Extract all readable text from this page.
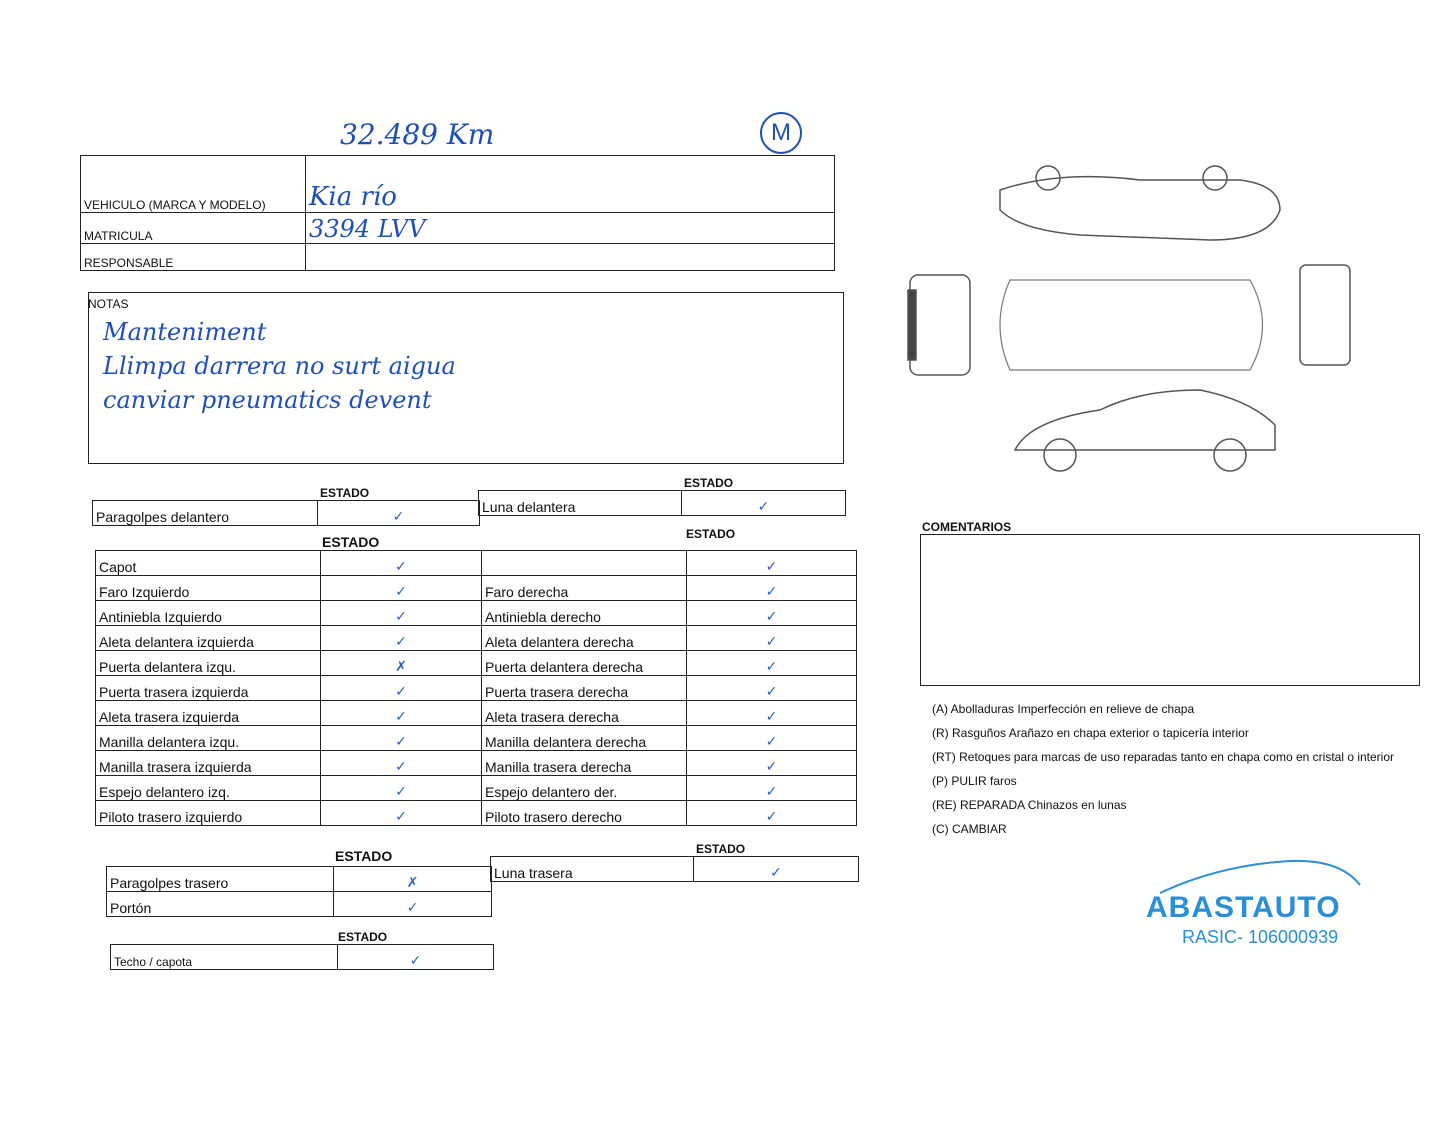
32.489 Km	M
VEHICULO (MARCA Y MODELO)	Kia río
MATRICULA	3394 LVV
RESPONSABLE	
NOTAS
Manteniment
Llimpa darrera no surt aigua
canviar pneumatics devent
ESTADO
Paragolpes delantero	✓
ESTADO
Luna delantera	✓
ESTADO	ESTADO
Capot	✓		✓
Faro Izquierdo	✓	Faro derecha	✓
Antiniebla Izquierdo	✓	Antiniebla derecho	✓
Aleta delantera izquierda	✓	Aleta delantera derecha	✓
Puerta delantera izqu.	✗	Puerta delantera derecha	✓
Puerta trasera izquierda	✓	Puerta trasera derecha	✓
Aleta trasera izquierda	✓	Aleta trasera derecha	✓
Manilla delantera izqu.	✓	Manilla delantera derecha	✓
Manilla trasera izquierda	✓	Manilla trasera derecha	✓
Espejo delantero izq.	✓	Espejo delantero der.	✓
Piloto trasero izquierdo	✓	Piloto trasero derecho	✓
ESTADO
Paragolpes trasero	✗
Portón	✓
ESTADO
Luna trasera	✓
ESTADO
Techo / capota	✓
COMENTARIOS
(A) Abolladuras Imperfección en relieve de chapa
(R) Rasguños Arañazo en chapa exterior o tapicería interior
(RT) Retoques para marcas de uso reparadas tanto en chapa como en cristal o interior
(P) PULIR faros
(RE) REPARADA Chinazos en lunas
(C) CAMBIAR
ABASTAUTO
RASIC- 106000939
